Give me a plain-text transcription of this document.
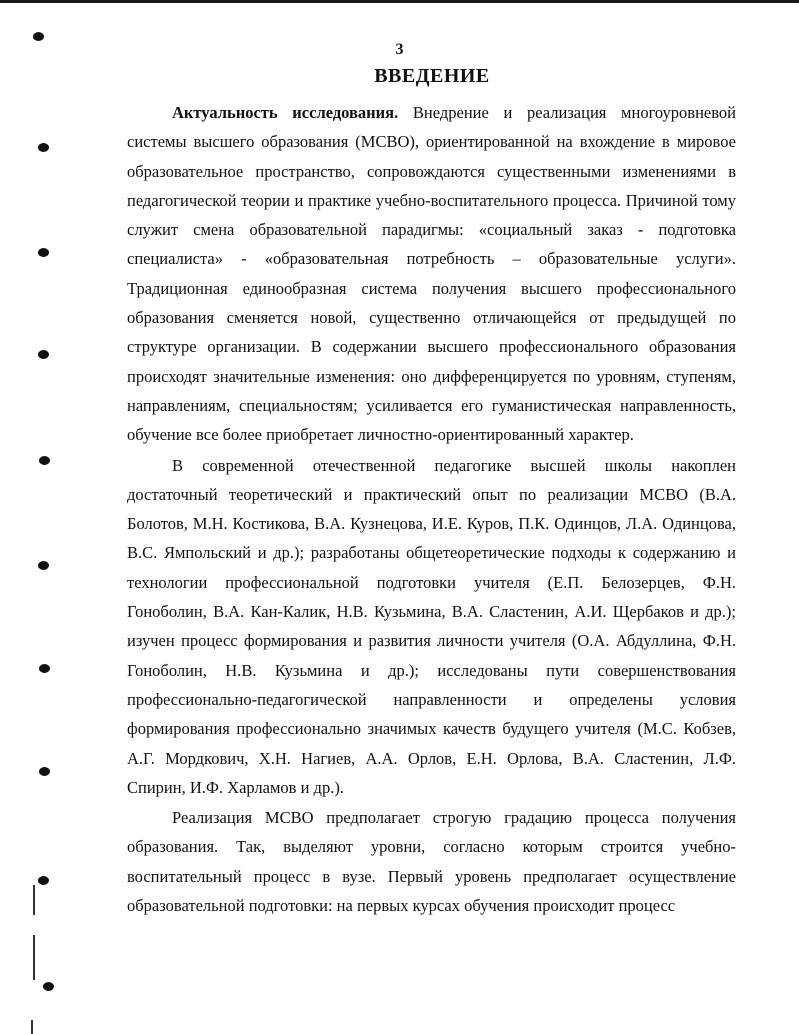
3
ВВЕДЕНИЕ

Актуальность исследования. Внедрение и реализация многоуровневой системы высшего образования (МСВО), ориентированной на вхождение в мировое образовательное пространство, сопровождаются существенными изменениями в педагогической теории и практике учебно-воспитательного процесса. Причиной тому служит смена образовательной парадигмы: «социальный заказ - подготовка специалиста» - «образовательная потребность – образовательные услуги». Традиционная единообразная система получения высшего профессионального образования сменяется новой, существенно отличающейся от предыдущей по структуре организации. В содержании высшего профессионального образования происходят значительные изменения: оно дифференцируется по уровням, ступеням, направлениям, специальностям; усиливается его гуманистическая направленность, обучение все более приобретает личностно-ориентированный характер.

В современной отечественной педагогике высшей школы накоплен достаточный теоретический и практический опыт по реализации МСВО (В.А. Болотов, М.Н. Костикова, В.А. Кузнецова, И.Е. Куров, П.К. Одинцов, Л.А. Одинцова, В.С. Ямпольский и др.); разработаны общетеоретические подходы к содержанию и технологии профессиональной подготовки учителя (Е.П. Белозерцев, Ф.Н. Гоноболин, В.А. Кан-Калик, Н.В. Кузьмина, В.А. Сластенин, А.И. Щербаков и др.); изучен процесс формирования и развития личности учителя (О.А. Абдуллина, Ф.Н. Гоноболин, Н.В. Кузьмина и др.); исследованы пути совершенствования профессионально-педагогической направленности и определены условия формирования профессионально значимых качеств будущего учителя (М.С. Кобзев, А.Г. Мордкович, Х.Н. Нагиев, А.А. Орлов, Е.Н. Орлова, В.А. Сластенин, Л.Ф. Спирин, И.Ф. Харламов и др.).

Реализация МСВО предполагает строгую градацию процесса получения образования. Так, выделяют уровни, согласно которым строится учебно-воспитательный процесс в вузе. Первый уровень предполагает осуществление образовательной подготовки: на первых курсах обучения происходит процесс
